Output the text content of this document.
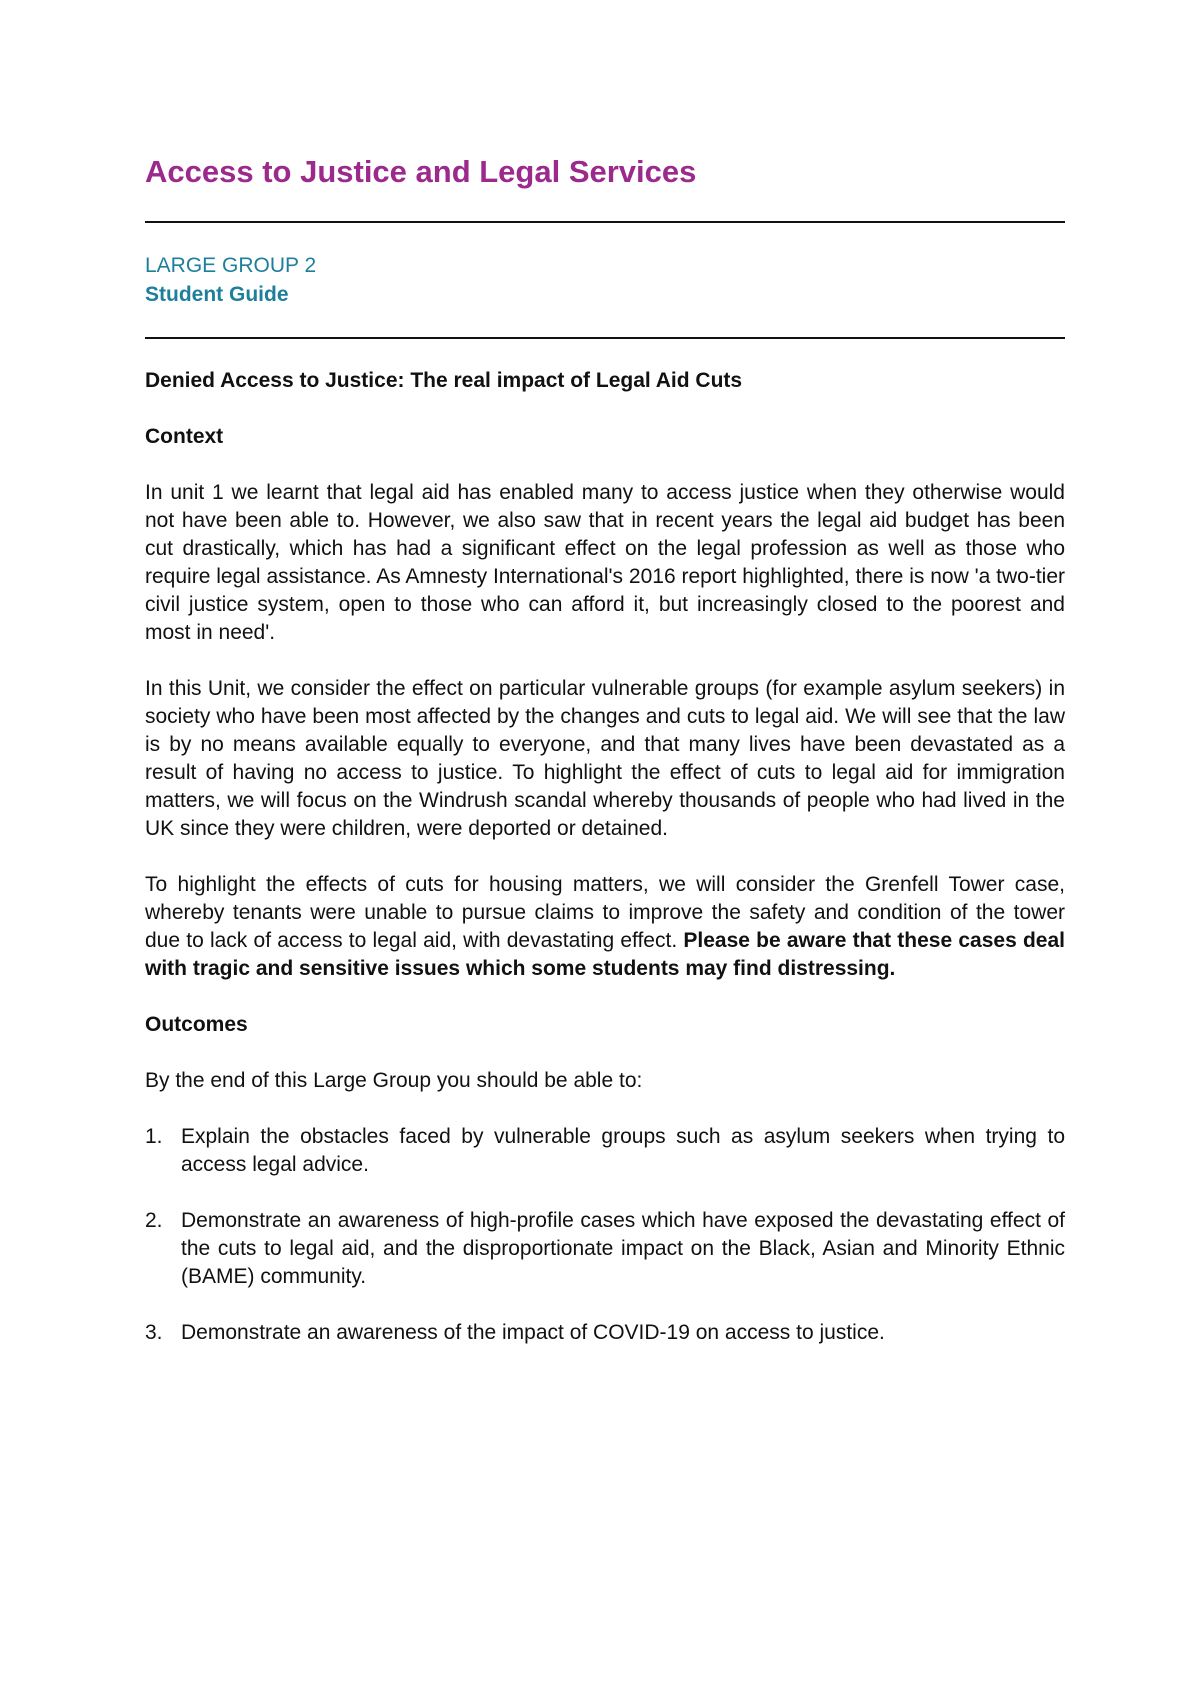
Access to Justice and Legal Services
LARGE GROUP 2
Student Guide
Denied Access to Justice: The real impact of Legal Aid Cuts
Context

In unit 1 we learnt that legal aid has enabled many to access justice when they otherwise would not have been able to. However, we also saw that in recent years the legal aid budget has been cut drastically, which has had a significant effect on the legal profession as well as those who require legal assistance. As Amnesty International's 2016 report highlighted, there is now 'a two-tier civil justice system, open to those who can afford it, but increasingly closed to the poorest and most in need'.

In this Unit, we consider the effect on particular vulnerable groups (for example asylum seekers) in society who have been most affected by the changes and cuts to legal aid. We will see that the law is by no means available equally to everyone, and that many lives have been devastated as a result of having no access to justice. To highlight the effect of cuts to legal aid for immigration matters, we will focus on the Windrush scandal whereby thousands of people who had lived in the UK since they were children, were deported or detained.

To highlight the effects of cuts for housing matters, we will consider the Grenfell Tower case, whereby tenants were unable to pursue claims to improve the safety and condition of the tower due to lack of access to legal aid, with devastating effect. Please be aware that these cases deal with tragic and sensitive issues which some students may find distressing.

Outcomes

By the end of this Large Group you should be able to:

1. Explain the obstacles faced by vulnerable groups such as asylum seekers when trying to access legal advice.
2. Demonstrate an awareness of high-profile cases which have exposed the devastating effect of the cuts to legal aid, and the disproportionate impact on the Black, Asian and Minority Ethnic (BAME) community.
3. Demonstrate an awareness of the impact of COVID-19 on access to justice.
